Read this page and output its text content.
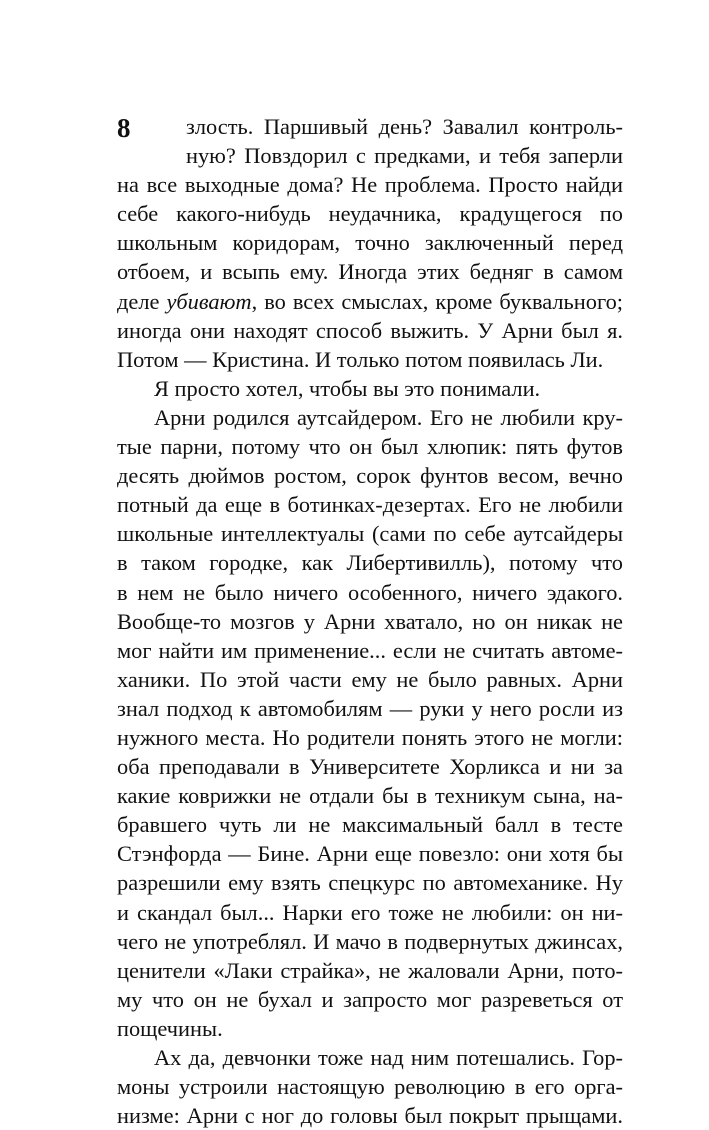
8	злость. Паршивый день? Завалил контроль-
ную? Повздорил с предками, и тебя заперли
на все выходные дома? Не проблема. Просто найди
себе какого-нибудь неудачника, крадущегося по
школьным коридорам, точно заключенный перед
отбоем, и всыпь ему. Иногда этих бедняг в самом
деле убивают, во всех смыслах, кроме буквального;
иногда они находят способ выжить. У Арни был я.
Потом — Кристина. И только потом появилась Ли.
Я просто хотел, чтобы вы это понимали.
Арни родился аутсайдером. Его не любили кру-
тые парни, потому что он был хлюпик: пять футов
десять дюймов ростом, сорок фунтов весом, вечно
потный да еще в ботинках-дезертах. Его не любили
школьные интеллектуалы (сами по себе аутсайдеры
в таком городке, как Либертивилль), потому что
в нем не было ничего особенного, ничего эдакого.
Вообще-то мозгов у Арни хватало, но он никак не
мог найти им применение... если не считать автоме-
ханики. По этой части ему не было равных. Арни
знал подход к автомобилям — руки у него росли из
нужного места. Но родители понять этого не могли:
оба преподавали в Университете Хорликса и ни за
какие коврижки не отдали бы в техникум сына, на-
бравшего чуть ли не максимальный балл в тесте
Стэнфорда — Бине. Арни еще повезло: они хотя бы
разрешили ему взять спецкурс по автомеханике. Ну
и скандал был... Нарки его тоже не любили: он ни-
чего не употреблял. И мачо в подвернутых джинсах,
ценители «Лаки страйка», не жаловали Арни, пото-
му что он не бухал и запросто мог разреветься от
пощечины.
Ах да, девчонки тоже над ним потешались. Гор-
моны устроили настоящую революцию в его орга-
низме: Арни с ног до головы был покрыт прыщами.
